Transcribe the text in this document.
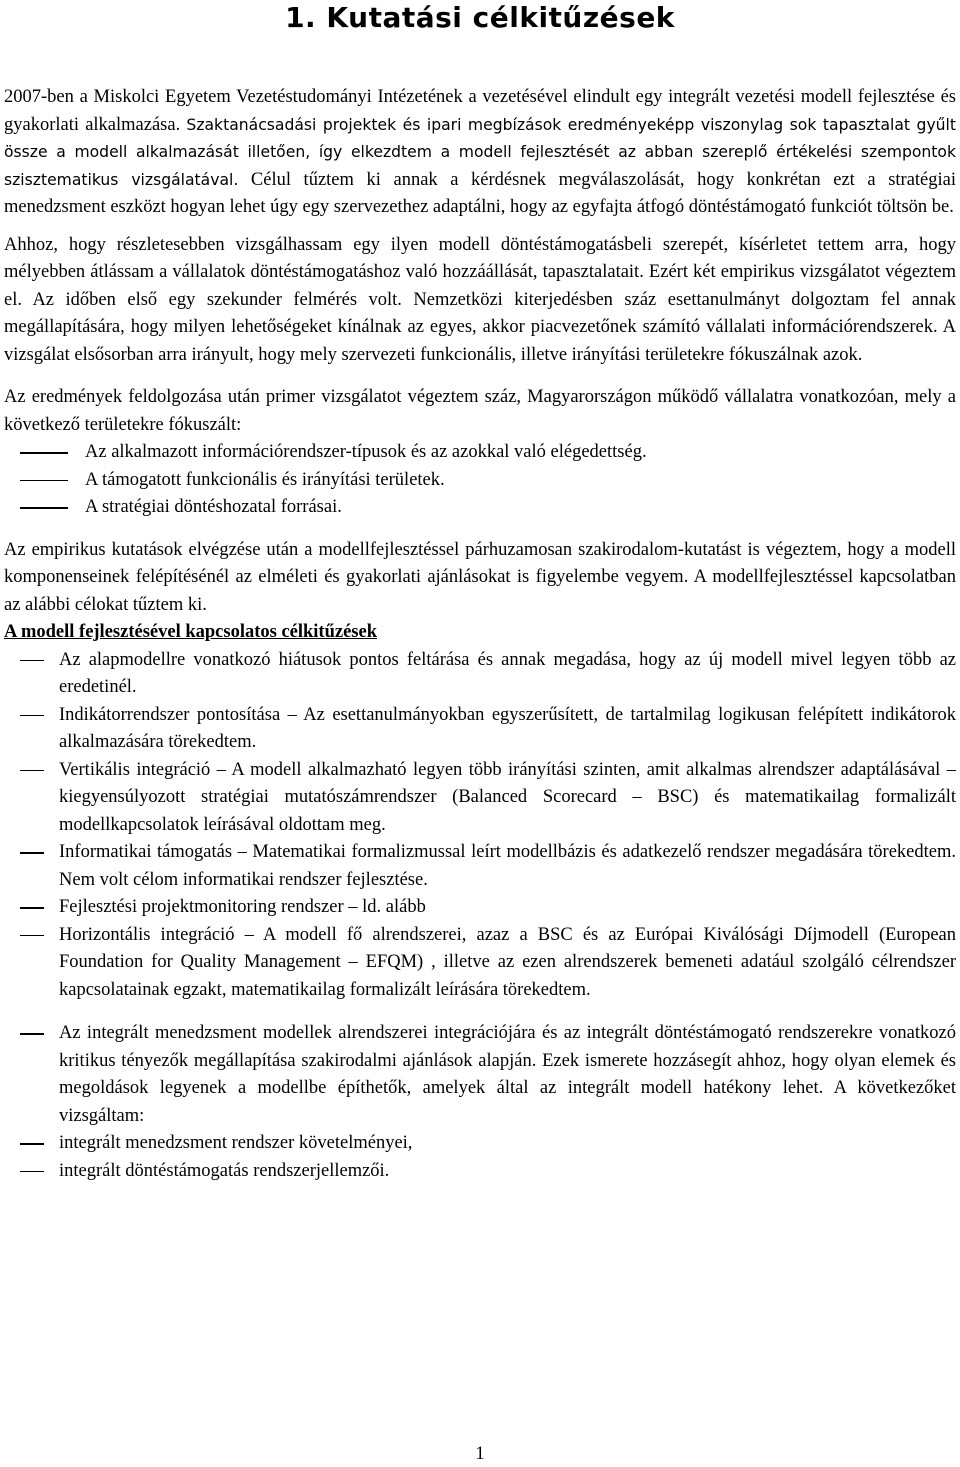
1. Kutatási célkitűzések

2007-ben a Miskolci Egyetem Vezetéstudományi Intézetének a vezetésével elindult egy integrált vezetési modell fejlesztése és gyakorlati alkalmazása. Szaktanácsadási projektek és ipari megbízások eredményeképp viszonylag sok tapasztalat gyűlt össze a modell alkalmazását illetően, így elkezdtem a modell fejlesztését az abban szereplő értékelési szempontok szisztematikus vizsgálatával. Célul tűztem ki annak a kérdésnek megválaszolását, hogy konkrétan ezt a stratégiai menedzsment eszközt hogyan lehet úgy egy szervezethez adaptálni, hogy az egyfajta átfogó döntéstámogató funkciót töltsön be.

Ahhoz, hogy részletesebben vizsgálhassam egy ilyen modell döntéstámogatásbeli szerepét, kísérletet tettem arra, hogy mélyebben átlássam a vállalatok döntéstámogatáshoz való hozzáállását, tapasztalatait. Ezért két empirikus vizsgálatot végeztem el. Az időben első egy szekunder felmérés volt. Nemzetközi kiterjedésben száz esettanulmányt dolgoztam fel annak megállapítására, hogy milyen lehetőségeket kínálnak az egyes, akkor piacvezetőnek számító vállalati információrendszerek. A vizsgálat elsősorban arra irányult, hogy mely szervezeti funkcionális, illetve irányítási területekre fókuszálnak azok.

Az eredmények feldolgozása után primer vizsgálatot végeztem száz, Magyarországon működő vállalatra vonatkozóan, mely a következő területekre fókuszált:

Az alkalmazott információrendszer-típusok és az azokkal való elégedettség.
A támogatott funkcionális és irányítási területek.
A stratégiai döntéshozatal forrásai.

Az empirikus kutatások elvégzése után a modellfejlesztéssel párhuzamosan szakirodalom-kutatást is végeztem, hogy a modell komponenseinek felépítésénél az elméleti és gyakorlati ajánlásokat is figyelembe vegyem. A modellfejlesztéssel kapcsolatban az alábbi célokat tűztem ki.

A modell fejlesztésével kapcsolatos célkitűzések

Az alapmodellre vonatkozó hiátusok pontos feltárása és annak megadása, hogy az új modell mivel legyen több az eredetinél.
Indikátorrendszer pontosítása – Az esettanulmányokban egyszerűsített, de tartalmilag logikusan felépített indikátorok alkalmazására törekedtem.
Vertikális integráció – A modell alkalmazható legyen több irányítási szinten, amit alkalmas alrendszer adaptálásával – kiegyensúlyozott stratégiai mutatószámrendszer (Balanced Scorecard – BSC) és matematikailag formalizált modellkapcsolatok leírásával oldottam meg.
Informatikai támogatás – Matematikai formalizmussal leírt modellbázis és adatkezelő rendszer megadására törekedtem. Nem volt célom informatikai rendszer fejlesztése.
Fejlesztési projektmonitoring rendszer – ld. alább
Horizontális integráció – A modell fő alrendszerei, azaz a BSC és az Európai Kiválósági Díjmodell (European Foundation for Quality Management – EFQM) , illetve az ezen alrendszerek bemeneti adatául szolgáló célrendszer kapcsolatainak egzakt, matematikailag formalizált leírására törekedtem.
Az integrált menedzsment modellek alrendszerei integrációjára és az integrált döntéstámogató rendszerekre vonatkozó kritikus tényezők megállapítása szakirodalmi ajánlások alapján. Ezek ismerete hozzásegít ahhoz, hogy olyan elemek és megoldások legyenek a modellbe építhetők, amelyek által az integrált modell hatékony lehet. A következőket vizsgáltam:
integrált menedzsment rendszer követelményei,
integrált döntéstámogatás rendszerjellemzői.
1
